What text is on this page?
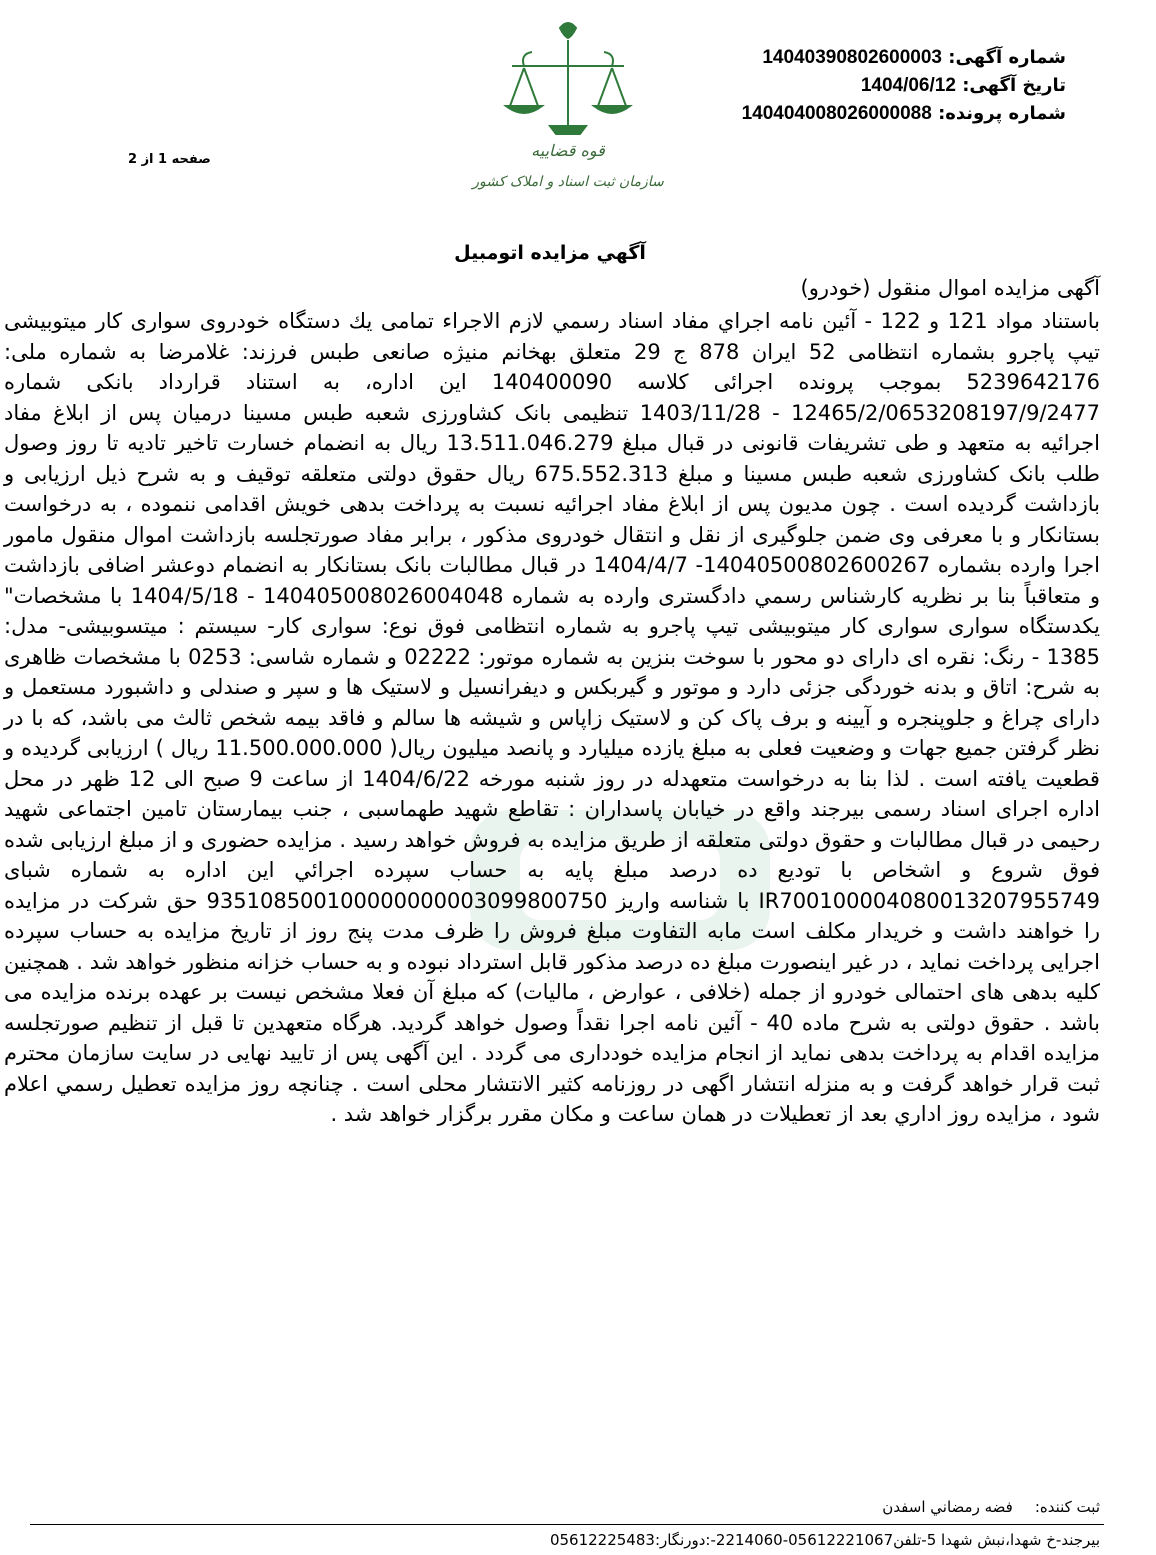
شماره آگهی: 14040390802600003
تاریخ آگهی: 1404/06/12
شماره پرونده: 140404008026000088
صفحه 1 از 2	قوه قضاییه
سازمان ثبت اسناد و املاک کشور
آگهي مزايده اتومبيل
آگهی مزایده اموال منقول (خودرو)
باستناد مواد 121 و 122 - آئین نامه اجراي مفاد اسناد رسمي لازم الاجراء تمامی يك دستگاه خودروی سواری کار میتوبیشی تیپ پاجرو بشماره انتظامی 52 ایران 878 ج 29 متعلق بهخانم منیژه صانعی طبس فرزند: غلامرضا به شماره ملی: 5239642176 بموجب پرونده اجرائی کلاسه 140400090 این اداره، به استناد قرارداد بانکی شماره 12465/2/0653208197/9/2477 - 1403/11/28 تنظیمی بانک کشاورزی شعبه طبس مسینا درمیان پس از ابلاغ مفاد اجرائیه به متعهد و طی تشریفات قانونی در قبال مبلغ 13.511.046.279 ریال به انضمام خسارت تاخیر تادیه تا روز وصول طلب بانک کشاورزی شعبه طبس مسینا و مبلغ 675.552.313 ریال حقوق دولتی متعلقه توقیف و به شرح ذیل ارزیابی و بازداشت گردیده است . چون مدیون پس از ابلاغ مفاد اجرائیه نسبت به پرداخت بدهی خویش اقدامی ننموده ، به درخواست بستانکار و با معرفی وی ضمن جلوگیری از نقل و انتقال خودروی مذکور ، برابر مفاد صورتجلسه بازداشت اموال منقول مامور اجرا وارده بشماره 14040500802600267- 1404/4/7 در قبال مطالبات بانک بستانکار به انضمام دوعشر اضافی بازداشت و متعاقباً بنا بر نظریه کارشناس رسمي دادگستری وارده به شماره 140405008026004048 - 1404/5/18 با مشخصات" يكدستگاه سواری سواری كار میتوبیشی تیپ پاجرو به شماره انتظامی فوق نوع: سواری کار- سیستم : میتسوبیشی- مدل: 1385 - رنگ: نقره ای دارای دو محور با سوخت بنزین به شماره موتور: 02222 و شماره شاسی: 0253 با مشخصات ظاهری به شرح: اتاق و بدنه خوردگی جزئی دارد و موتور و گیربکس و دیفرانسیل و لاستیک ها و سپر و صندلی و داشبورد مستعمل و دارای چراغ و جلوپنجره و آیینه و برف پاک کن و لاستیک زاپاس و شیشه ها سالم و فاقد بیمه شخص ثالث می باشد، که با در نظر گرفتن جمیع جهات و وضعیت فعلی به مبلغ یازده میلیارد و پانصد میلیون ریال( 11.500.000.000 ریال ) ارزیابی گردیده و قطعیت یافته است . لذا بنا به درخواست متعهدله در روز شنبه مورخه 1404/6/22 از ساعت 9 صبح الی 12 ظهر در محل اداره اجرای اسناد رسمی بیرجند واقع در خیابان پاسداران : تقاطع شهید طهماسبی ، جنب بیمارستان تامین اجتماعی شهید رحیمی در قبال مطالبات و حقوق دولتی متعلقه از طریق مزایده به فروش خواهد رسید . مزایده حضوری و از مبلغ ارزیابی شده فوق شروع و اشخاص با تودیع ده درصد مبلغ پایه به حساب سپرده اجرائي این اداره به شماره شبای IR700100004080013207955749 با شناسه واریز 935108500100000000003099800750 حق شرکت در مزایده را خواهند داشت و خریدار مکلف است مابه التفاوت مبلغ فروش را ظرف مدت پنج روز از تاریخ مزایده به حساب سپرده اجرایی پرداخت نماید ، در غیر اینصورت مبلغ ده درصد مذکور قابل استرداد نبوده و به حساب خزانه منظور خواهد شد . همچنین کلیه بدهی های احتمالی خودرو از جمله (خلافی ، عوارض ، مالیات) که مبلغ آن فعلا مشخص نیست بر عهده برنده مزایده می باشد . حقوق دولتی به شرح ماده 40 - آئین نامه اجرا نقداً وصول خواهد گردید. هرگاه متعهدین تا قبل از تنظیم صورتجلسه مزایده اقدام به پرداخت بدهی نماید از انجام مزایده خودداری می گردد . این آگهی پس از تایید نهایی در سایت سازمان محترم ثبت قرار خواهد گرفت و به منزله انتشار اگهی در روزنامه کثیر الانتشار محلی است . چنانچه روز مزایده تعطیل رسمي اعلام شود ، مزایده روز اداري بعد از تعطیلات در همان ساعت و مکان مقرر برگزار خواهد شد .
ثبت کننده:فضه رمضاني اسفدن
بیرجند-خ شهدا،نبش شهدا 5-تلفن05612221067-2214060-:دورنگار:05612225483
